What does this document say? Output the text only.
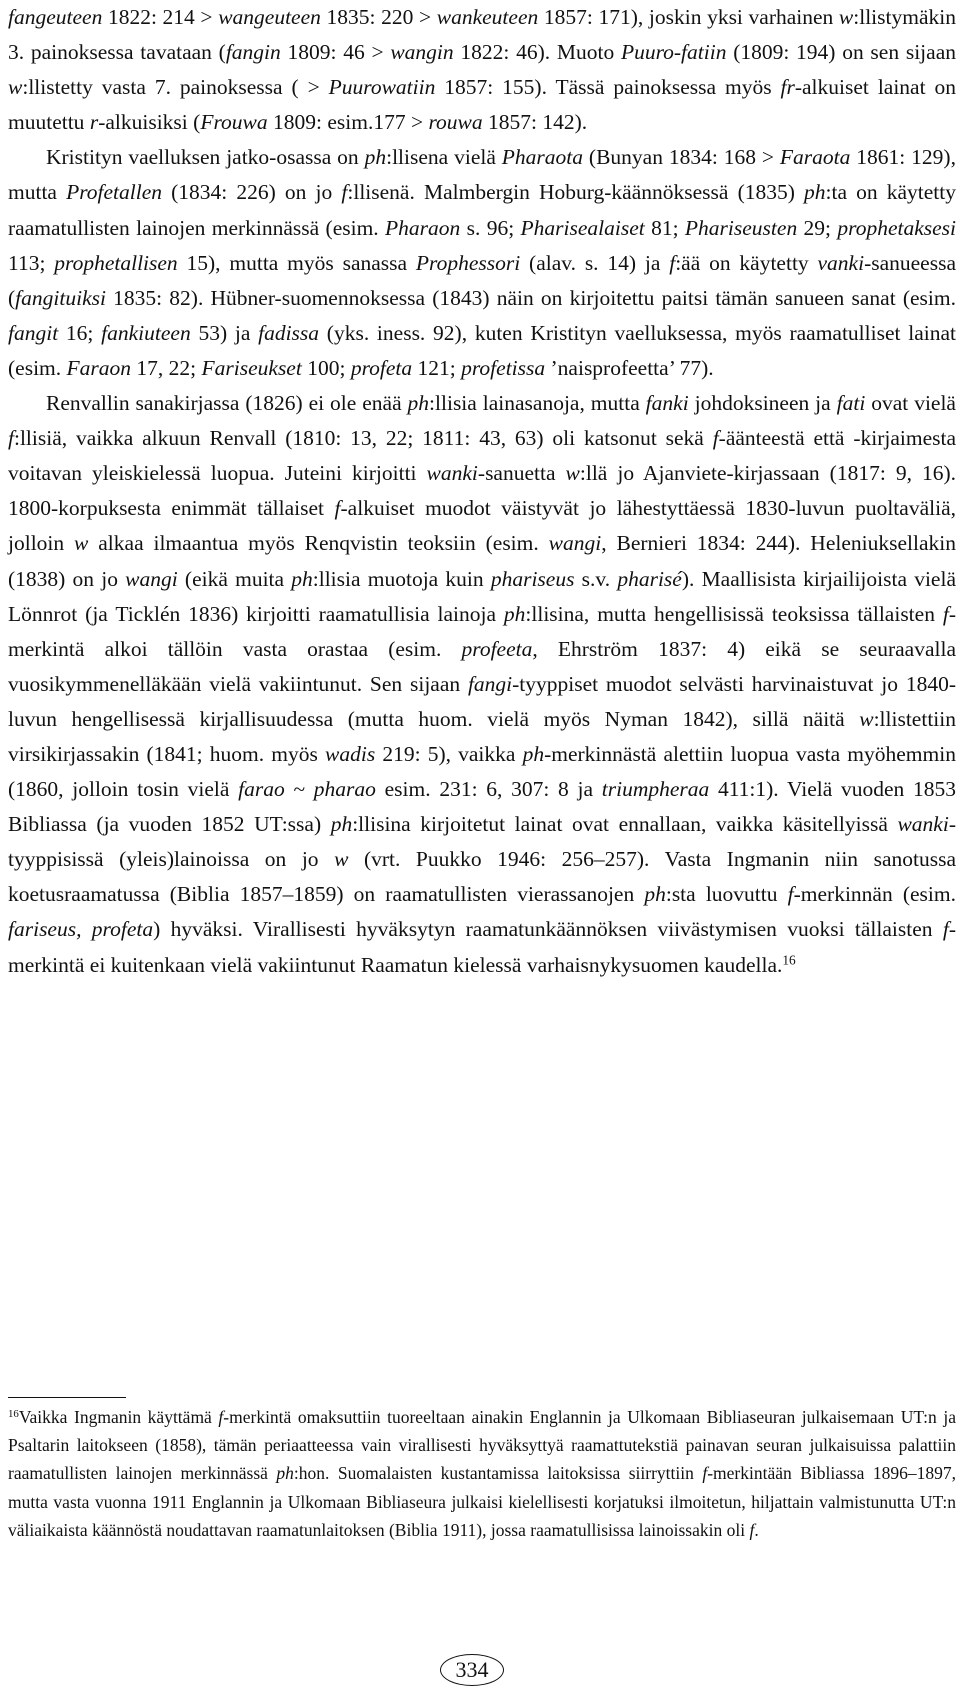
fangeuteen 1822: 214 > wangeuteen 1835: 220 > wankeuteen 1857: 171), joskin yksi varhainen w:llistymäkin 3. painoksessa tavataan (fangin 1809: 46 > wangin 1822: 46). Muoto Puuro-fatiin (1809: 194) on sen sijaan w:llistetty vasta 7. painoksessa ( > Puurowatiin 1857: 155). Tässä painoksessa myös fr-alkuiset lainat on muutettu r-alkuisiksi (Frouwa 1809: esim.177 > rouwa 1857: 142).

Kristityn vaelluksen jatko-osassa on ph:llisena vielä Pharaota (Bunyan 1834: 168 > Faraota 1861: 129), mutta Profetallen (1834: 226) on jo f:llisenä. Malmbergin Hoburg-käännöksessä (1835) ph:ta on käytetty raamatullisten lainojen merkinnässä (esim. Pharaon s. 96; Pharisealaiset 81; Phariseusten 29; prophetaksesi 113; prophetallisen 15), mutta myös sanassa Prophessori (alav. s. 14) ja f:ää on käytetty vanki-sanueessa (fangituiksi 1835: 82). Hübner-suomennoksessa (1843) näin on kirjoitettu paitsi tämän sanueen sanat (esim. fangit 16; fankiuteen 53) ja fadissa (yks. iness. 92), kuten Kristityn vaelluksessa, myös raamatulliset lainat (esim. Faraon 17, 22; Fariseukset 100; profeta 121; profetissa ’naisprofeetta’ 77).

Renvallin sanakirjassa (1826) ei ole enää ph:llisia lainasanoja, mutta fanki johdoksineen ja fati ovat vielä f:llisiä, vaikka alkuun Renvall (1810: 13, 22; 1811: 43, 63) oli katsonut sekä f-äänteestä että -kirjaimesta voitavan yleiskielessä luopua. Juteini kirjoitti wanki-sanuetta w:llä jo Ajanviete-kirjassaan (1817: 9, 16). 1800-korpuksesta enimmät tällaiset f-alkuiset muodot väistyvät jo lähestyttäessä 1830-luvun puoltaväliä, jolloin w alkaa ilmaantua myös Renqvistin teoksiin (esim. wangi, Bernieri 1834: 244). Heleniuksellakin (1838) on jo wangi (eikä muita ph:llisia muotoja kuin phariseus s.v. pharisé). Maallisista kirjailijoista vielä Lönnrot (ja Ticklén 1836) kirjoitti raamatullisia lainoja ph:llisina, mutta hengellisissä teoksissa tällaisten f-merkintä alkoi tällöin vasta orastaa (esim. profeeta, Ehrström 1837: 4) eikä se seuraavalla vuosikymmenelläkään vielä vakiintunut. Sen sijaan fangi-tyyppiset muodot selvästi harvinaistuvat jo 1840-luvun hengellisessä kirjallisuudessa (mutta huom. vielä myös Nyman 1842), sillä näitä w:llistettiin virsikirjassakin (1841; huom. myös wadis 219: 5), vaikka ph-merkinnästä alettiin luopua vasta myöhemmin (1860, jolloin tosin vielä farao ~ pharao esim. 231: 6, 307: 8 ja triumpheraa 411:1). Vielä vuoden 1853 Bibliassa (ja vuoden 1852 UT:ssa) ph:llisina kirjoitetut lainat ovat ennallaan, vaikka käsitellyissä wanki-tyyppisissä (yleis)lainoissa on jo w (vrt. Puukko 1946: 256–257). Vasta Ingmanin niin sanotussa koetusraamatussa (Biblia 1857–1859) on raamatullisten vierassanojen ph:sta luovuttu f-merkinnän (esim. fariseus, profeta) hyväksi. Virallisesti hyväksytyn raamatunkäännöksen viivästymisen vuoksi tällaisten f-merkintä ei kuitenkaan vielä vakiintunut Raamatun kielessä varhaisnykysuomen kaudella.$^{16}$

$^{16}$Vaikka Ingmanin käyttämä f-merkintä omaksuttiin tuoreeltaan ainakin Englannin ja Ulkomaan Bibliaseuran julkaisemaan UT:n ja Psaltarin laitokseen (1858), tämän periaatteessa vain virallisesti hyväksyttyä raamattutekstiä painavan seuran julkaisuissa palattiin raamatullisten lainojen merkinnässä ph:hon. Suomalaisten kustantamissa laitoksissa siirryttiin f-merkintään Bibliassa 1896–1897, mutta vasta vuonna 1911 Englannin ja Ulkomaan Bibliaseura julkaisi kielellisesti korjatuksi ilmoitetun, hiljattain valmistunutta UT:n väliaikaista käännöstä noudattavan raamatunlaitoksen (Biblia 1911), jossa raamatullisissa lainoissakin oli f.

334
